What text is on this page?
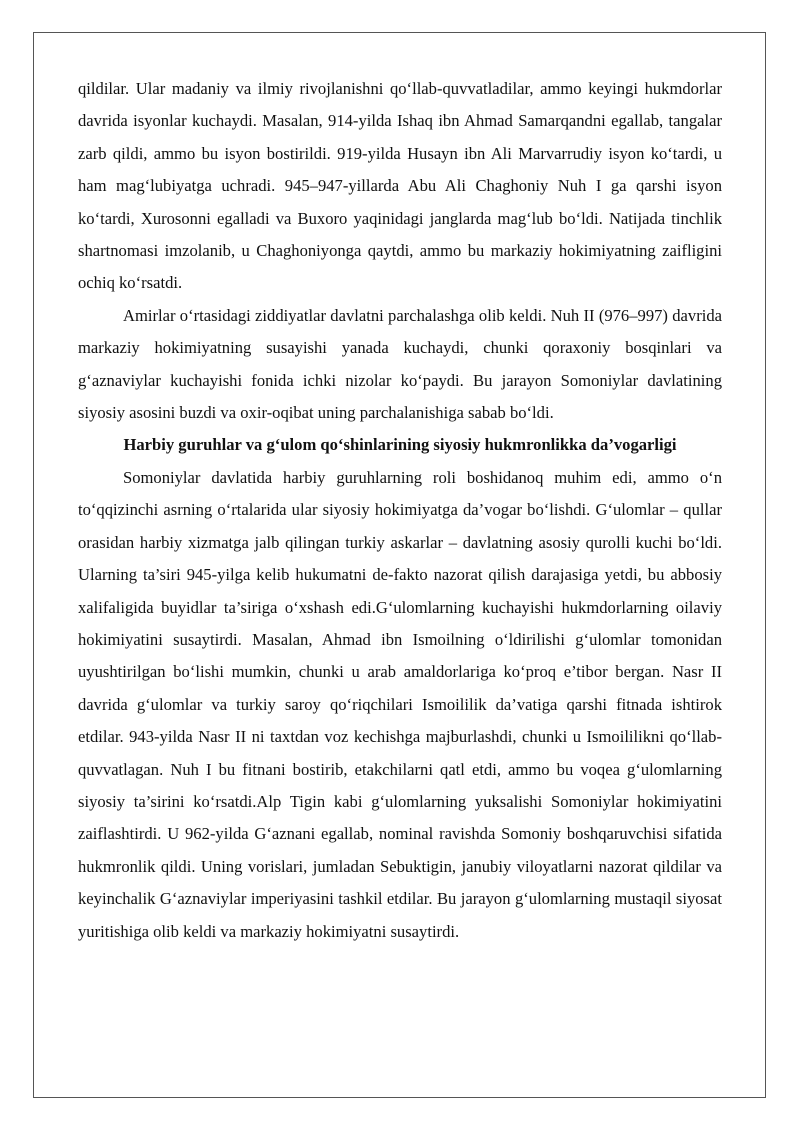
qildilar. Ular madaniy va ilmiy rivojlanishni qo‘llab-quvvatladilar, ammo keyingi hukmdorlar davrida isyonlar kuchaydi. Masalan, 914-yilda Ishaq ibn Ahmad Samarqandni egallab, tangalar zarb qildi, ammo bu isyon bostirildi. 919-yilda Husayn ibn Ali Marvarrudiy isyon ko‘tardi, u ham mag‘lubiyatga uchradi. 945–947-yillarda Abu Ali Chaghoniy Nuh I ga qarshi isyon ko‘tardi, Xurosonni egalladi va Buxoro yaqinidagi janglarda mag‘lub bo‘ldi. Natijada tinchlik shartnomasi imzolanib, u Chaghoniyonga qaytdi, ammo bu markaziy hokimiyatning zaifligini ochiq ko‘rsatdi.

Amirlar o‘rtasidagi ziddiyatlar davlatni parchalashga olib keldi. Nuh II (976–997) davrida markaziy hokimiyatning susayishi yanada kuchaydi, chunki qoraxoniy bosqinlari va g‘aznaviylar kuchayishi fonida ichki nizolar ko‘paydi. Bu jarayon Somoniylar davlatining siyosiy asosini buzdi va oxir-oqibat uning parchalanishiga sabab bo‘ldi.

Harbiy guruhlar va g‘ulom qo‘shinlarining siyosiy hukmronlikka da’vogarligi

Somoniylar davlatida harbiy guruhlarning roli boshidanoq muhim edi, ammo o‘n to‘qqizinchi asrning o‘rtalarida ular siyosiy hokimiyatga da’vogar bo‘lishdi. G‘ulomlar – qullar orasidan harbiy xizmatga jalb qilingan turkiy askarlar – davlatning asosiy qurolli kuchi bo‘ldi. Ularning ta’siri 945-yilga kelib hukumatni de-fakto nazorat qilish darajasiga yetdi, bu abbosiy xalifaligida buyidlar ta’siriga o‘xshash edi.G‘ulomlarning kuchayishi hukmdorlarning oilaviy hokimiyatini susaytirdi. Masalan, Ahmad ibn Ismoilning o‘ldirilishi g‘ulomlar tomonidan uyushtirilgan bo‘lishi mumkin, chunki u arab amaldorlariga ko‘proq e’tibor bergan. Nasr II davrida g‘ulomlar va turkiy saroy qo‘riqchilari Ismoililik da’vatiga qarshi fitnada ishtirok etdilar. 943-yilda Nasr II ni taxtdan voz kechishga majburlashdi, chunki u Ismoililikni qo‘llab-quvvatlagan. Nuh I bu fitnani bostirib, etakchilarni qatl etdi, ammo bu voqea g‘ulomlarning siyosiy ta’sirini ko‘rsatdi.Alp Tigin kabi g‘ulomlarning yuksalishi Somoniylar hokimiyatini zaiflashtirdi. U 962-yilda G‘aznani egallab, nominal ravishda Somoniy boshqaruvchisi sifatida hukmronlik qildi. Uning vorislari, jumladan Sebuktigin, janubiy viloyatlarni nazorat qildilar va keyinchalik G‘aznaviylar imperiyasini tashkil etdilar. Bu jarayon g‘ulomlarning mustaqil siyosat yuritishiga olib keldi va markaziy hokimiyatni susaytirdi.
